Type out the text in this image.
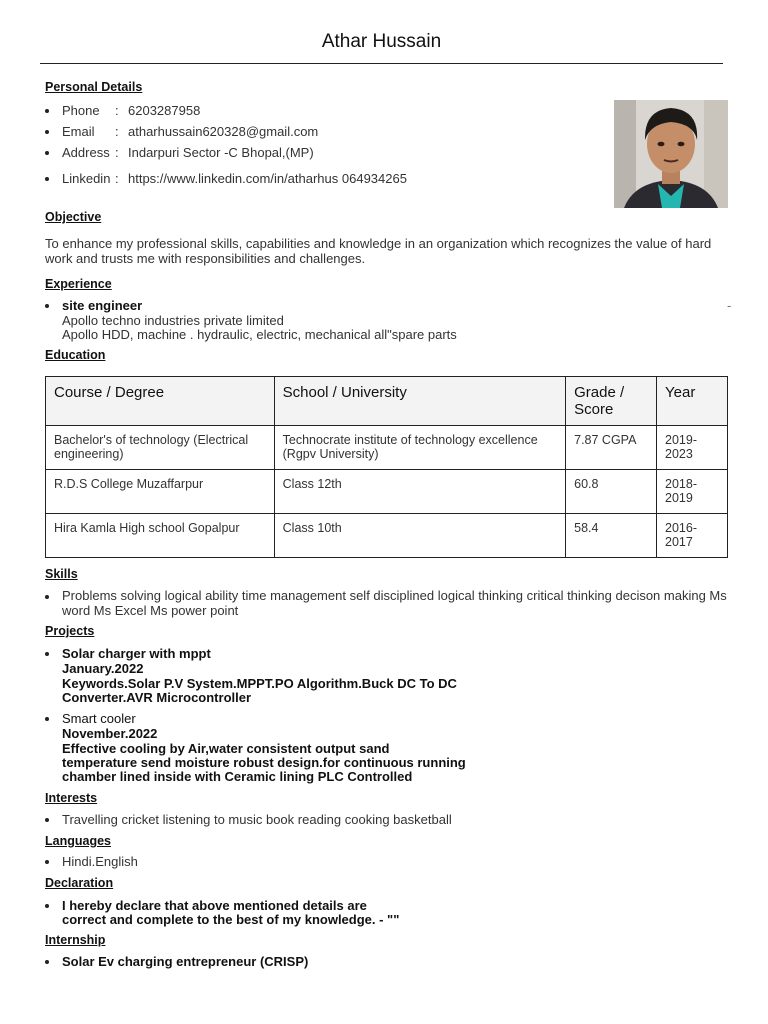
Athar Hussain
Personal Details
Phone : 6203287958
Email : atharhussain620328@gmail.com
Address : Indarpuri Sector -C Bhopal,(MP)
Linkedin : https://www.linkedin.com/in/atharhus 064934265
Objective
To enhance my professional skills, capabilities and knowledge in an organization which recognizes the value of hard work and trusts me with responsibilities and challenges.
Experience
site engineer
Apollo techno industries private limited
Apollo HDD, machine . hydraulic, electric, mechanical all"spare parts
-
Education
Course / Degree	School / University	Grade / Score	Year
Bachelor's of technology (Electrical engineering)	Technocrate institute of technology excellence (Rgpv University)	7.87 CGPA	2019-2023
R.D.S College Muzaffarpur	Class 12th	60.8	2018-2019
Hira Kamla High school Gopalpur	Class 10th	58.4	2016-2017
Skills
Problems solving logical ability time management self disciplined logical thinking critical thinking decison making Ms word Ms Excel Ms power point
Projects
Solar charger with mppt
January.2022
Keywords.Solar P.V System.MPPT.PO Algorithm.Buck DC To DC
Converter.AVR Microcontroller
Smart cooler
November.2022
Effective cooling by Air,water consistent output sand
temperature send moisture robust design.for continuous running
chamber lined inside with Ceramic lining PLC Controlled
Interests
Travelling cricket listening to music book reading cooking basketball
Languages
Hindi.English
Declaration
I hereby declare that above mentioned details are
correct and complete to the best of my knowledge. - ""
Internship
Solar Ev charging entrepreneur (CRISP)
